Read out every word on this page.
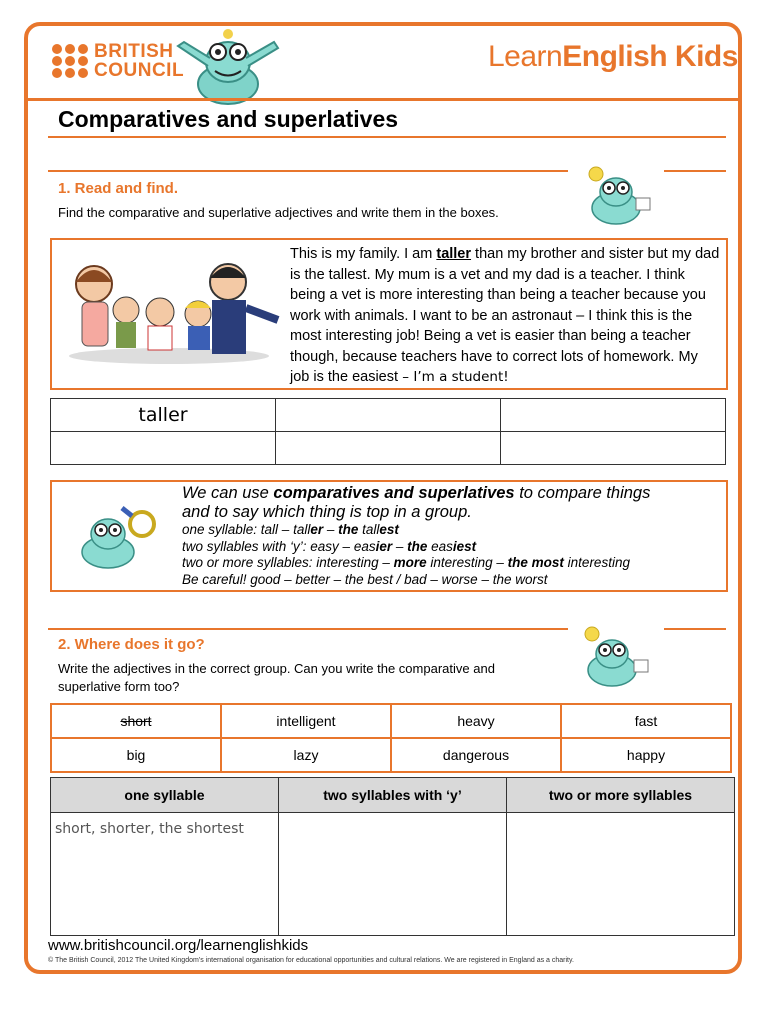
BRITISH
COUNCIL	LearnEnglish Kids
Comparatives and superlatives
1. Read and find.
Find the comparative and superlative adjectives and write them in the boxes.
This is my family. I am taller than my brother and sister but my dad is the tallest. My mum is a vet and my dad is a teacher. I think being a vet is more interesting than being a teacher because you work with animals. I want to be an astronaut – I think this is the most interesting job! Being a vet is easier than being a teacher though, because teachers have to correct lots of homework. My job is the easiest – I’m a student!
taller		

We can use comparatives and superlatives to compare things
and to say which thing is top in a group.
one syllable: tall – taller – the tallest
two syllables with ‘y’: easy – easier – the easiest
two or more syllables: interesting – more interesting – the most interesting
Be careful! good – better – the best / bad – worse – the worst
2. Where does it go?
Write the adjectives in the correct group. Can you write the comparative and
superlative form too?
short	intelligent	heavy	fast
big	lazy	dangerous	happy
one syllable	two syllables with ‘y’	two or more syllables

short, shorter, the shortest		

www.britishcouncil.org/learnenglishkids
© The British Council, 2012 The United Kingdom’s international organisation for educational opportunities and cultural relations. We are registered in England as a charity.
